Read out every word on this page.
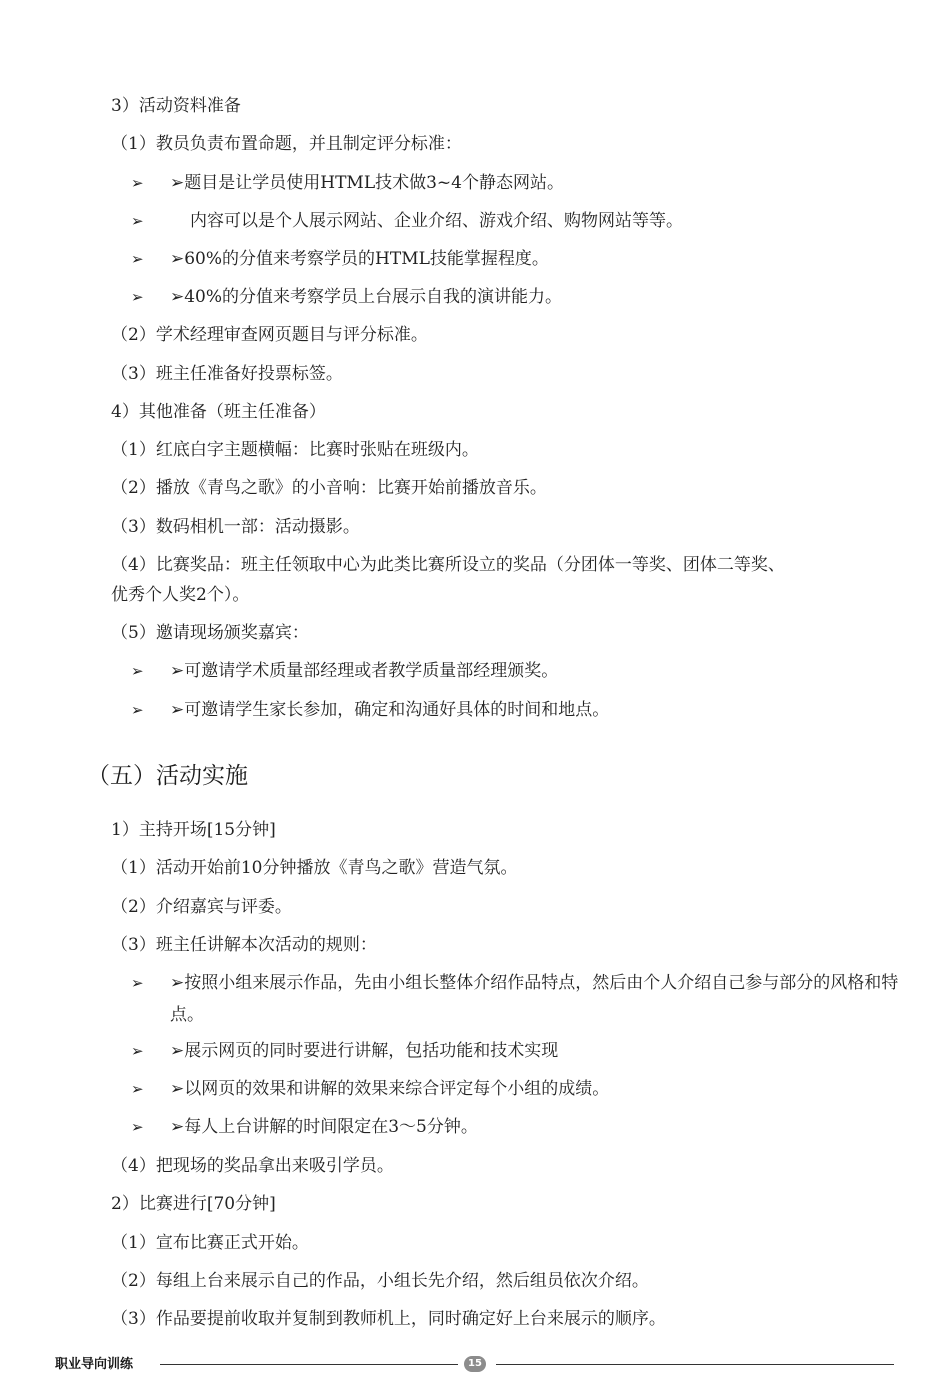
3）活动资料准备
（1）教员负责布置命题，并且制定评分标准：
➢ ➢题目是让学员使用HTML技术做3~4个静态网站。
➢	内容可以是个人展示网站、企业介绍、游戏介绍、购物网站等等。
➢ ➢60%的分值来考察学员的HTML技能掌握程度。
➢ ➢40%的分值来考察学员上台展示自我的演讲能力。
（2）学术经理审查网页题目与评分标准。
（3）班主任准备好投票标签。
4）其他准备（班主任准备）
（1）红底白字主题横幅：比赛时张贴在班级内。
（2）播放《青鸟之歌》的小音响：比赛开始前播放音乐。
（3）数码相机一部：活动摄影。
（4）比赛奖品：班主任领取中心为此类比赛所设立的奖品（分团体一等奖、团体二等奖、
优秀个人奖2个）。
（5）邀请现场颁奖嘉宾：
➢ ➢可邀请学术质量部经理或者教学质量部经理颁奖。
➢ ➢可邀请学生家长参加，确定和沟通好具体的时间和地点。
（五）活动实施
1）主持开场[15分钟]
（1）活动开始前10分钟播放《青鸟之歌》营造气氛。
（2）介绍嘉宾与评委。
（3）班主任讲解本次活动的规则：
➢ ➢按照小组来展示作品，先由小组长整体介绍作品特点，然后由个人介绍自己参与部分的风格和特点。
➢ ➢展示网页的同时要进行讲解，包括功能和技术实现
➢ ➢以网页的效果和讲解的效果来综合评定每个小组的成绩。
➢ ➢每人上台讲解的时间限定在3～5分钟。
（4）把现场的奖品拿出来吸引学员。
2）比赛进行[70分钟]
（1）宣布比赛正式开始。
（2）每组上台来展示自己的作品，小组长先介绍，然后组员依次介绍。
（3）作品要提前收取并复制到教师机上，同时确定好上台来展示的顺序。
职业导向训练	15
